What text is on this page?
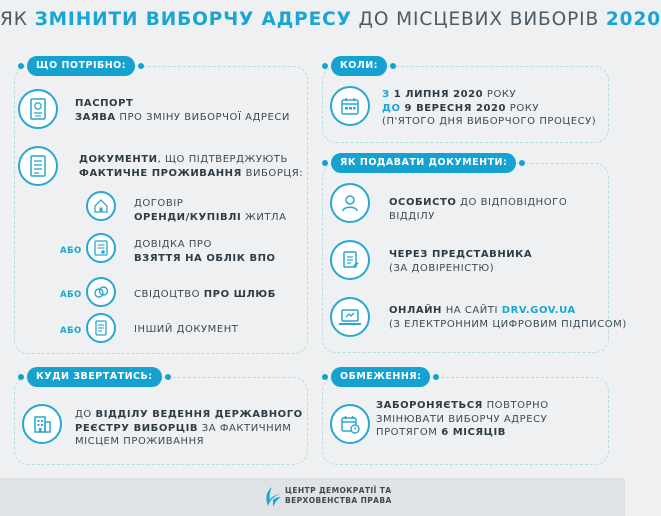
ЯК ЗМІНИТИ ВИБОРЧУ АДРЕСУ ДО МІСЦЕВИХ ВИБОРІВ 2020
ЩО ПОТРІБНО:
ПАСПОРТ
ЗАЯВА ПРО ЗМІНУ ВИБОРЧОЇ АДРЕСИ
ДОКУМЕНТИ, ЩО ПІДТВЕРДЖУЮТЬ
ФАКТИЧНЕ ПРОЖИВАННЯ ВИБОРЦЯ:
ДОГОВІР
ОРЕНДИ/КУПІВЛІ ЖИТЛА
АБО
ДОВІДКА ПРО
ВЗЯТТЯ НА ОБЛІК ВПО
АБО	СВІДОЦТВО ПРО ШЛЮБ
АБО	ІНШИЙ ДОКУМЕНТ
КОЛИ:
З 1 ЛИПНЯ 2020 РОКУ
ДО 9 ВЕРЕСНЯ 2020 РОКУ
(П'ЯТОГО ДНЯ ВИБОРЧОГО ПРОЦЕСУ)
ЯК ПОДАВАТИ ДОКУМЕНТИ:
ОСОБИСТО ДО ВІДПОВІДНОГО
ВІДДІЛУ
ЧЕРЕЗ ПРЕДСТАВНИКА
(ЗА ДОВІРЕНІСТЮ)
ОНЛАЙН НА САЙТІ DRV.GOV.UA
(З ЕЛЕКТРОННИМ ЦИФРОВИМ ПІДПИСОМ)
КУДИ ЗВЕРТАТИСЬ:
ДО ВІДДІЛУ ВЕДЕННЯ ДЕРЖАВНОГО
РЕЄСТРУ ВИБОРЦІВ ЗА ФАКТИЧНИМ
МІСЦЕМ ПРОЖИВАННЯ
ОБМЕЖЕННЯ:
ЗАБОРОНЯЄТЬСЯ ПОВТОРНО
ЗМІНЮВАТИ ВИБОРЧУ АДРЕСУ
ПРОТЯГОМ 6 МІСЯЦІВ
ЦЕНТР ДЕМОКРАТІЇ ТА
ВЕРХОВЕНСТВА ПРАВА
